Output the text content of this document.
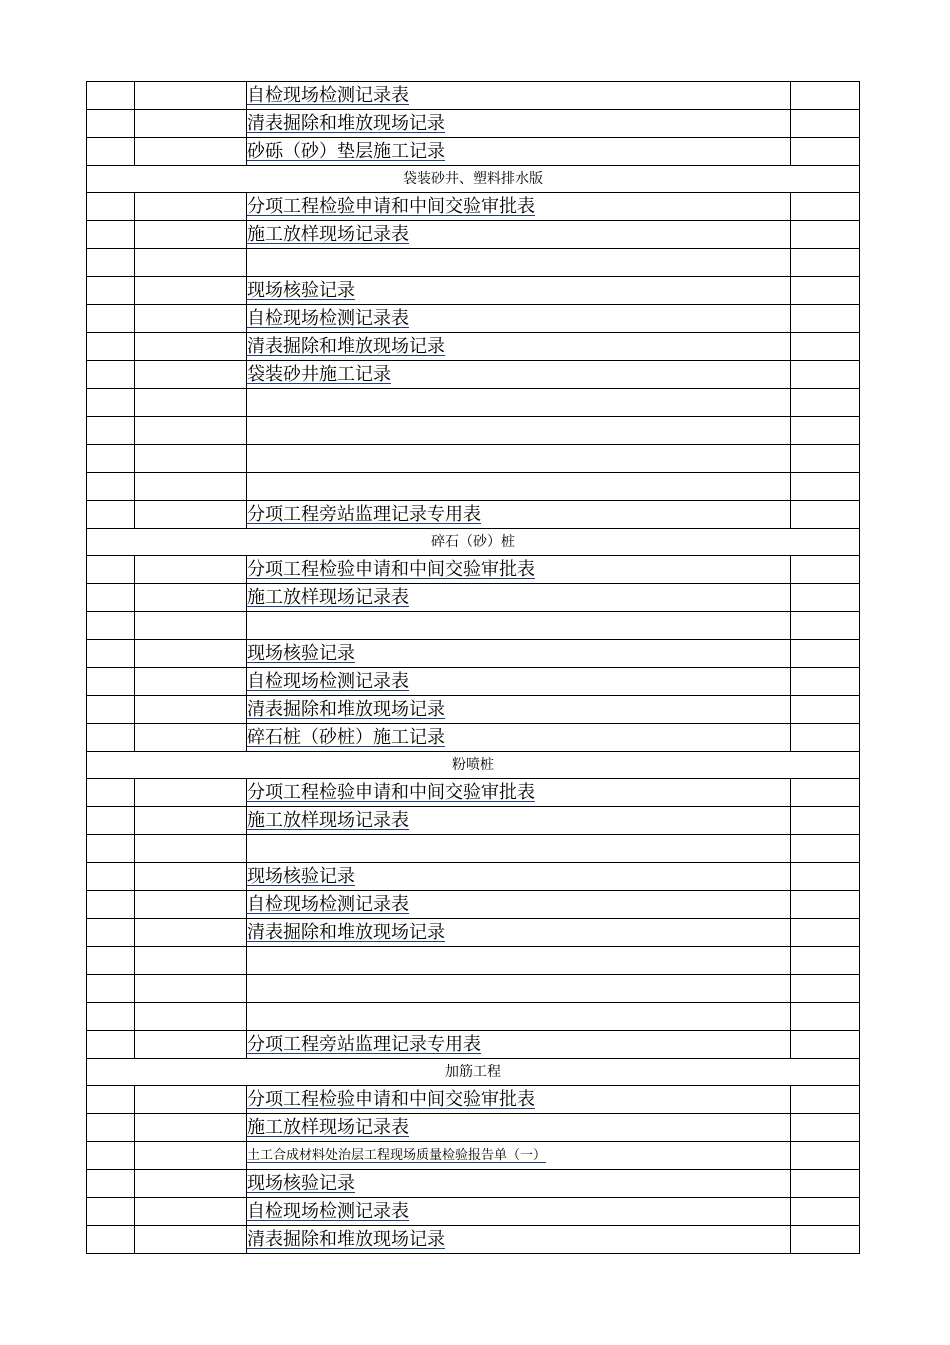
		自检现场检测记录表	
		清表掘除和堆放现场记录	
		砂砾（砂）垫层施工记录	
袋装砂井、塑料排水版			
		分项工程检验申请和中间交验审批表	
		施工放样现场记录表	

		现场核验记录	
		自检现场检测记录表	
		清表掘除和堆放现场记录	
		袋装砂井施工记录	

		分项工程旁站监理记录专用表	
碎石（砂）桩			
		分项工程检验申请和中间交验审批表	
		施工放样现场记录表	

		现场核验记录	
		自检现场检测记录表	
		清表掘除和堆放现场记录	
		碎石桩（砂桩）施工记录	
粉喷桩			
		分项工程检验申请和中间交验审批表	
		施工放样现场记录表	

		现场核验记录	
		自检现场检测记录表	
		清表掘除和堆放现场记录	

		分项工程旁站监理记录专用表	
加筋工程			
		分项工程检验申请和中间交验审批表	
		施工放样现场记录表	
		土工合成材料处治层工程现场质量检验报告单（一）	
		现场核验记录	
		自检现场检测记录表	
		清表掘除和堆放现场记录	
